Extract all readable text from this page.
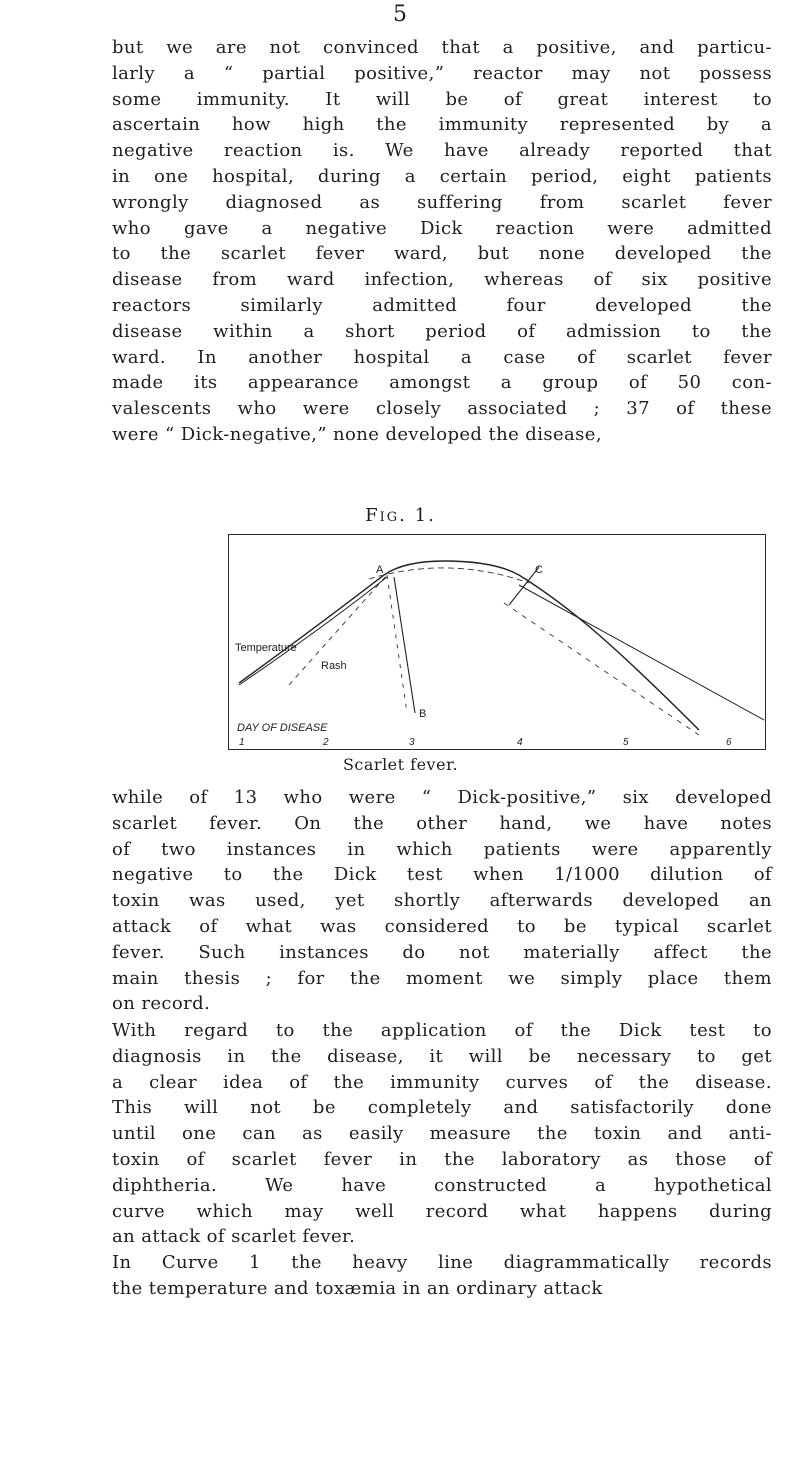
5
but we are not convinced that a positive, and particu-
larly a “ partial positive,” reactor may not possess
some immunity. It will be of great interest to
ascertain how high the immunity represented by a
negative reaction is. We have already reported that
in one hospital, during a certain period, eight patients
wrongly diagnosed as suffering from scarlet fever
who gave a negative Dick reaction were admitted
to the scarlet fever ward, but none developed the
disease from ward infection, whereas of six positive
reactors similarly admitted four developed the
disease within a short period of admission to the
ward. In another hospital a case of scarlet fever
made its appearance amongst a group of 50 con-
valescents who were closely associated ; 37 of these
were “ Dick-negative,” none developed the disease,
Fig. 1.
A	C
B
Temperature
Rash
DAY OF DISEASE
1	2	3	4	5	6
Scarlet fever.
while of 13 who were “ Dick-positive,” six developed
scarlet fever. On the other hand, we have notes
of two instances in which patients were apparently
negative to the Dick test when 1/1000 dilution of
toxin was used, yet shortly afterwards developed an
attack of what was considered to be typical scarlet
fever. Such instances do not materially affect the
main thesis ; for the moment we simply place them
on record.
With regard to the application of the Dick test to
diagnosis in the disease, it will be necessary to get
a clear idea of the immunity curves of the disease.
This will not be completely and satisfactorily done
until one can as easily measure the toxin and anti-
toxin of scarlet fever in the laboratory as those of
diphtheria. We have constructed a hypothetical
curve which may well record what happens during
an attack of scarlet fever.
In Curve 1 the heavy line diagrammatically records
the temperature and toxæmia in an ordinary attack
